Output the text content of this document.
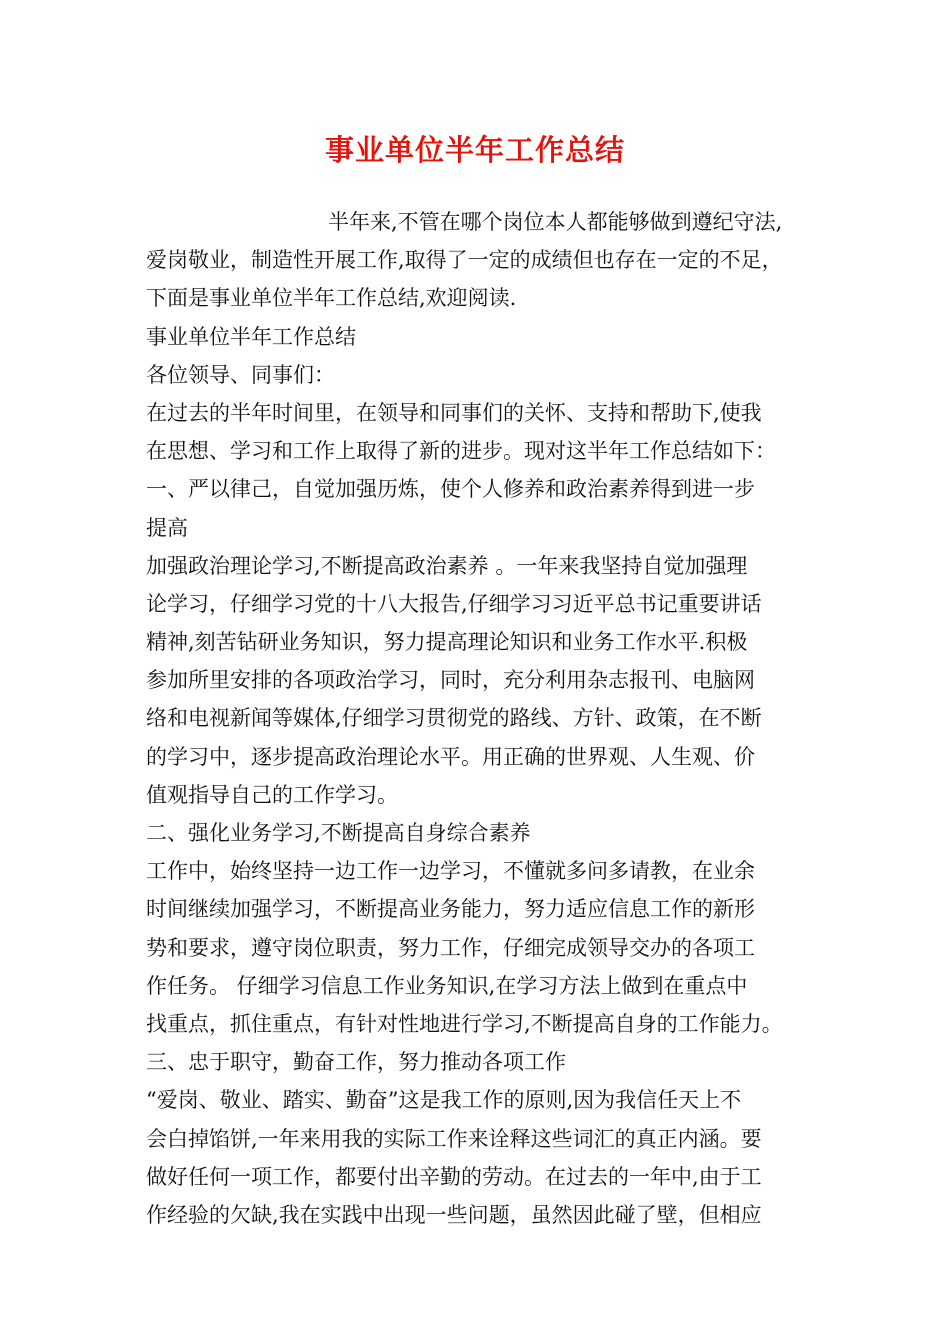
事业单位半年工作总结
半年来,不管在哪个岗位本人都能够做到遵纪守法,
爱岗敬业，制造性开展工作,取得了一定的成绩但也存在一定的不足，
下面是事业单位半年工作总结,欢迎阅读.
事业单位半年工作总结
各位领导、同事们：
在过去的半年时间里，在领导和同事们的关怀、支持和帮助下,使我
在思想、学习和工作上取得了新的进步。现对这半年工作总结如下：
一、严以律己，自觉加强历炼，使个人修养和政治素养得到进一步
提高
加强政治理论学习,不断提高政治素养 。一年来我坚持自觉加强理
论学习，仔细学习党的十八大报告,仔细学习习近平总书记重要讲话
精神,刻苦钻研业务知识，努力提高理论知识和业务工作水平.积极
参加所里安排的各项政治学习，同时，充分利用杂志报刊、电脑网
络和电视新闻等媒体,仔细学习贯彻党的路线、方针、政策，在不断
的学习中，逐步提高政治理论水平。用正确的世界观、人生观、价
值观指导自己的工作学习。
二、强化业务学习,不断提高自身综合素养
工作中，始终坚持一边工作一边学习，不懂就多问多请教，在业余
时间继续加强学习，不断提高业务能力，努力适应信息工作的新形
势和要求，遵守岗位职责，努力工作，仔细完成领导交办的各项工
作任务。 仔细学习信息工作业务知识,在学习方法上做到在重点中
找重点，抓住重点，有针对性地进行学习,不断提高自身的工作能力。
三、忠于职守，勤奋工作，努力推动各项工作
“爱岗、敬业、踏实、勤奋”这是我工作的原则,因为我信任天上不
会白掉馅饼,一年来用我的实际工作来诠释这些词汇的真正内涵。要
做好任何一项工作，都要付出辛勤的劳动。在过去的一年中,由于工
作经验的欠缺,我在实践中出现一些问题，虽然因此碰了壁，但相应
